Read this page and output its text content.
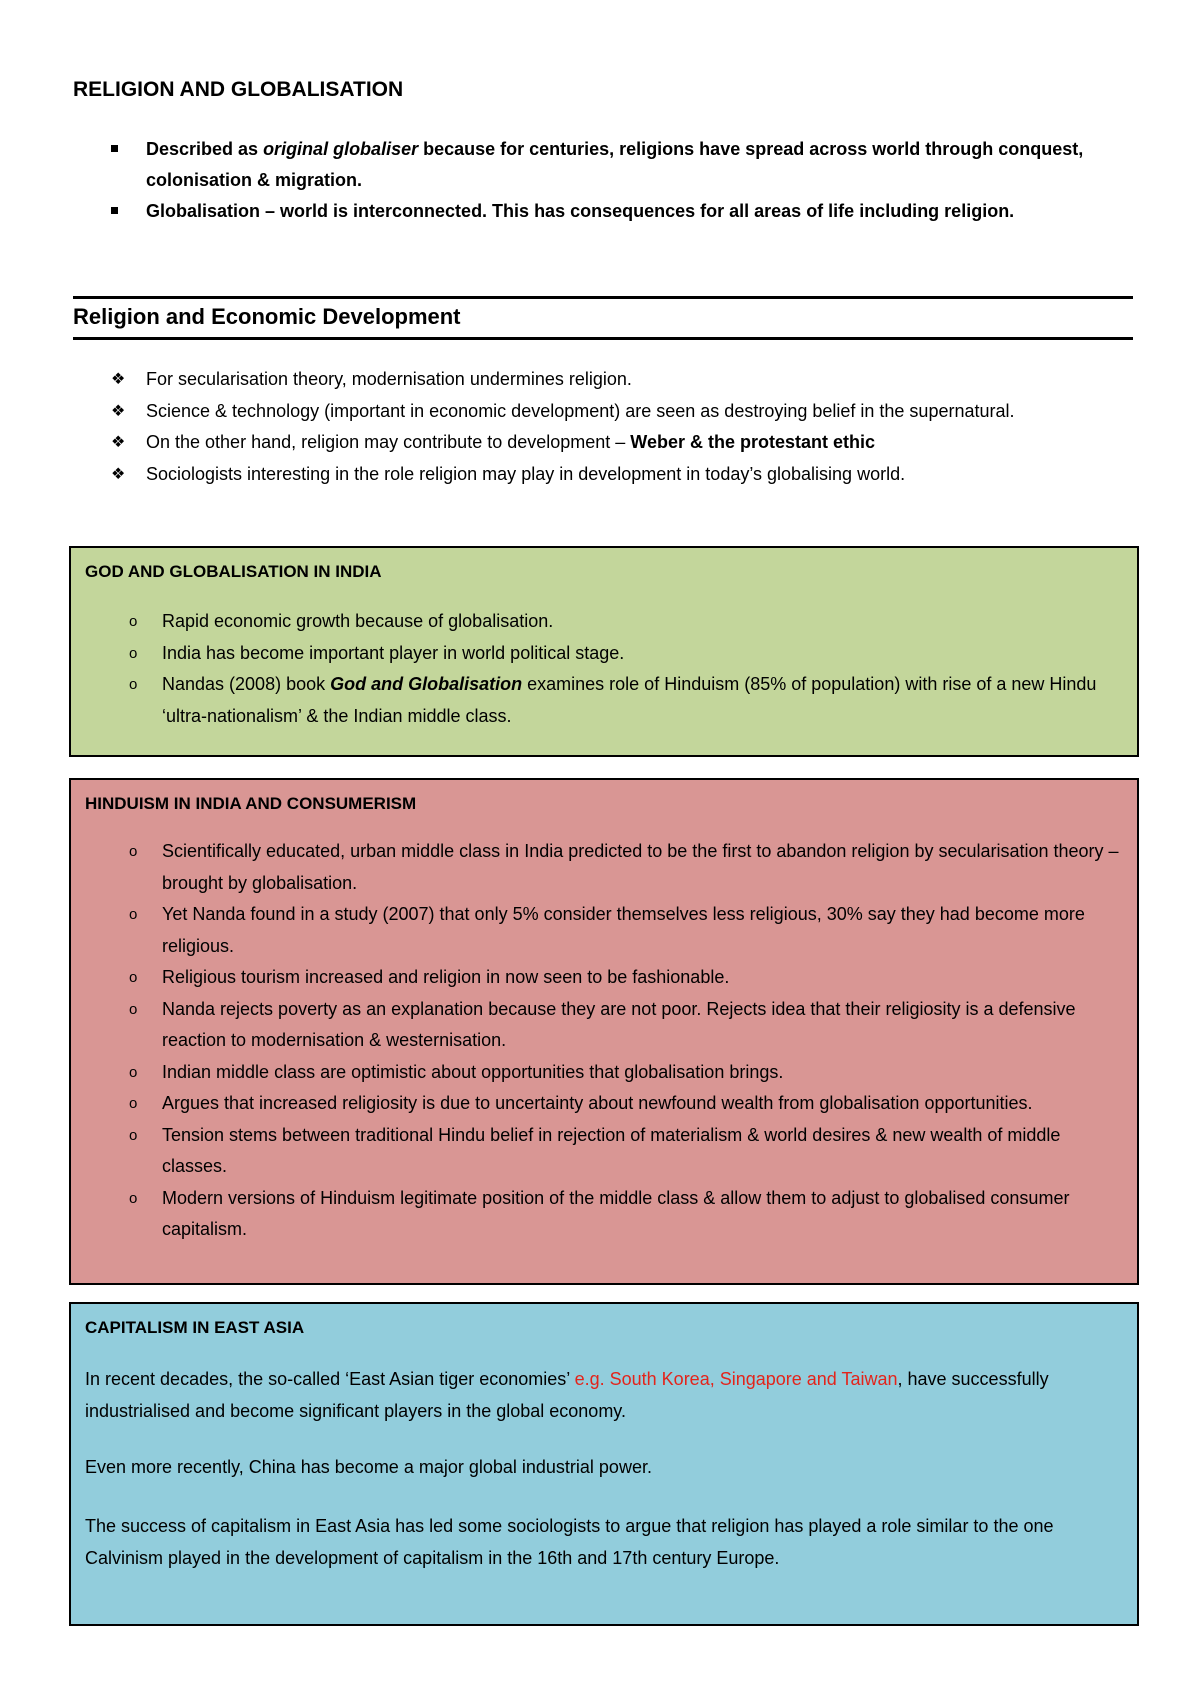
RELIGION AND GLOBALISATION
Described as original globaliser because for centuries, religions have spread across world through conquest, colonisation & migration.
Globalisation – world is interconnected. This has consequences for all areas of life including religion.
Religion and Economic Development
❖ For secularisation theory, modernisation undermines religion.
❖ Science & technology (important in economic development) are seen as destroying belief in the supernatural.
❖ On the other hand, religion may contribute to development – Weber & the protestant ethic
❖ Sociologists interesting in the role religion may play in development in today’s globalising world.
GOD AND GLOBALISATION IN INDIA
o Rapid economic growth because of globalisation.
o India has become important player in world political stage.
o Nandas (2008) book God and Globalisation examines role of Hinduism (85% of population) with rise of a new Hindu ‘ultra-nationalism’ & the Indian middle class.
HINDUISM IN INDIA AND CONSUMERISM
o Scientifically educated, urban middle class in India predicted to be the first to abandon religion by secularisation theory – brought by globalisation.
o Yet Nanda found in a study (2007) that only 5% consider themselves less religious, 30% say they had become more religious.
o Religious tourism increased and religion in now seen to be fashionable.
o Nanda rejects poverty as an explanation because they are not poor. Rejects idea that their religiosity is a defensive reaction to modernisation & westernisation.
o Indian middle class are optimistic about opportunities that globalisation brings.
o Argues that increased religiosity is due to uncertainty about newfound wealth from globalisation opportunities.
o Tension stems between traditional Hindu belief in rejection of materialism & world desires & new wealth of middle classes.
o Modern versions of Hinduism legitimate position of the middle class & allow them to adjust to globalised consumer capitalism.
CAPITALISM IN EAST ASIA

In recent decades, the so-called ‘East Asian tiger economies’ e.g. South Korea, Singapore and Taiwan, have successfully industrialised and become significant players in the global economy.

Even more recently, China has become a major global industrial power.

The success of capitalism in East Asia has led some sociologists to argue that religion has played a role similar to the one Calvinism played in the development of capitalism in the 16th and 17th century Europe.
